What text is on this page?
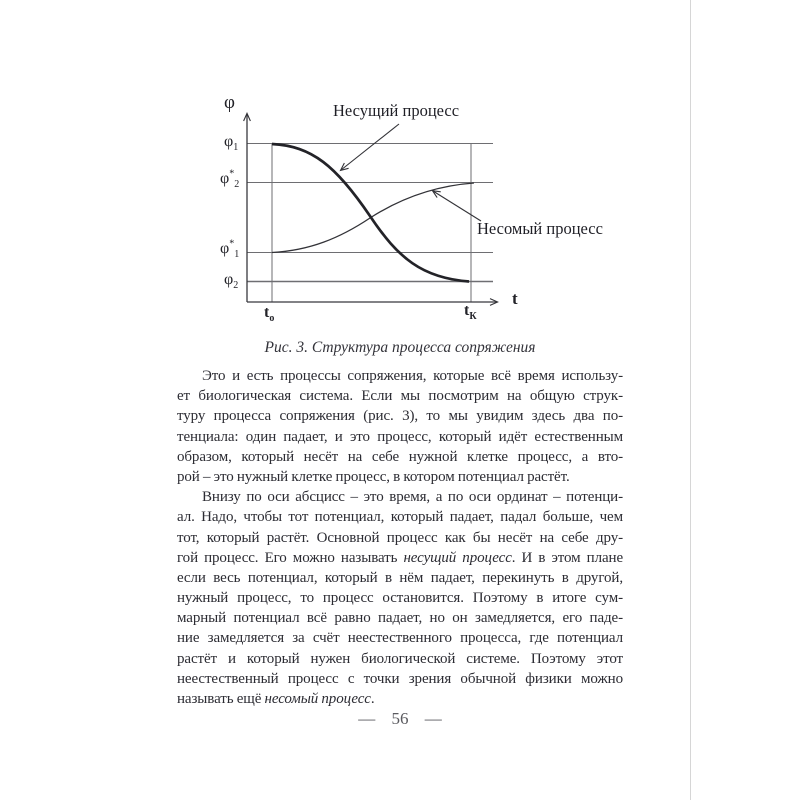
φ
t
$\varphi_1$
$\varphi^*_2$
$\varphi^*_1$
$\varphi_2$
$t_о$	$t_К$
Несущий процесс
Несомый процесс
Рис. 3. Структура процесса сопряжения
Это и есть процессы сопряжения, которые всё время использу-
ет биологическая система. Если мы посмотрим на общую струк-
туру процесса сопряжения (рис. 3), то мы увидим здесь два по-
тенциала: один падает, и это процесс, который идёт естественным
образом, который несёт на себе нужной клетке процесс, а вто-
рой – это нужный клетке процесс, в котором потенциал растёт.
Внизу по оси абсцисс – это время, а по оси ординат – потенци-
ал. Надо, чтобы тот потенциал, который падает, падал больше, чем
тот, который растёт. Основной процесс как бы несёт на себе дру-
гой процесс. Его можно называть несущий процесс. И в этом плане
если весь потенциал, который в нём падает, перекинуть в другой,
нужный процесс, то процесс остановится. Поэтому в итоге сум-
марный потенциал всё равно падает, но он замедляется, его паде-
ние замедляется за счёт неестественного процесса, где потенциал
растёт и который нужен биологической системе. Поэтому этот
неестественный процесс с точки зрения обычной физики можно
называть ещё несомый процесс.
— 56 —
